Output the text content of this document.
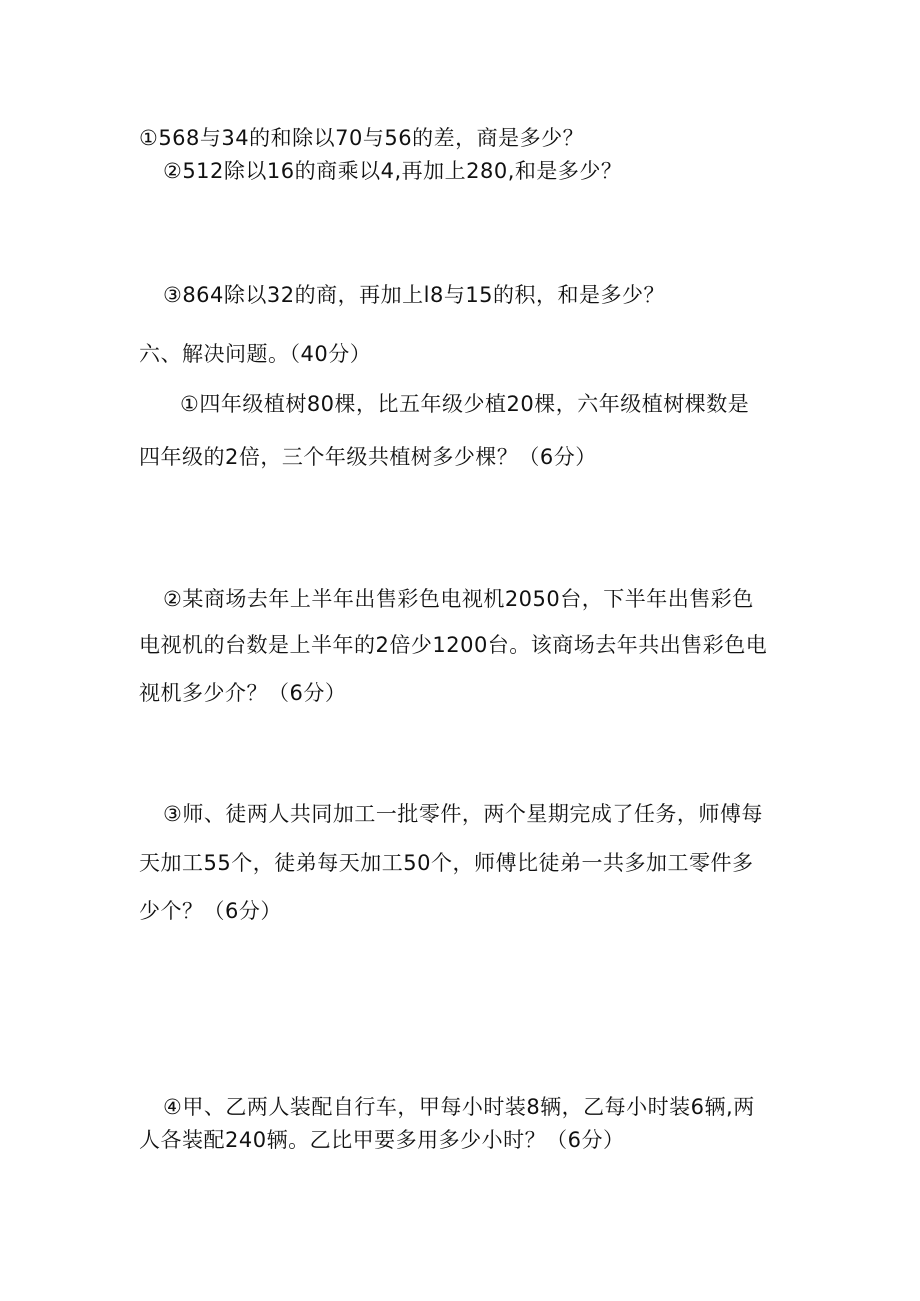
①568与34的和除以70与56的差，商是多少？
②512除以16的商乘以4,再加上280,和是多少？
③864除以32的商，再加上l8与15的积，和是多少？
六、解决问题。（40分）
①四年级植树80棵，比五年级少植20棵，六年级植树棵数是
四年级的2倍，三个年级共植树多少棵？（6分）
②某商场去年上半年出售彩色电视机2050台，下半年出售彩色
电视机的台数是上半年的2倍少1200台。该商场去年共出售彩色电
视机多少介？（6分）
③师、徒两人共同加工一批零件，两个星期完成了任务，师傅每
天加工55个，徒弟每天加工50个，师傅比徒弟一共多加工零件多
少个？（6分）
④甲、乙两人装配自行车，甲每小时装8辆，乙每小时装6辆,两
人各装配240辆。乙比甲要多用多少小时？（6分）
